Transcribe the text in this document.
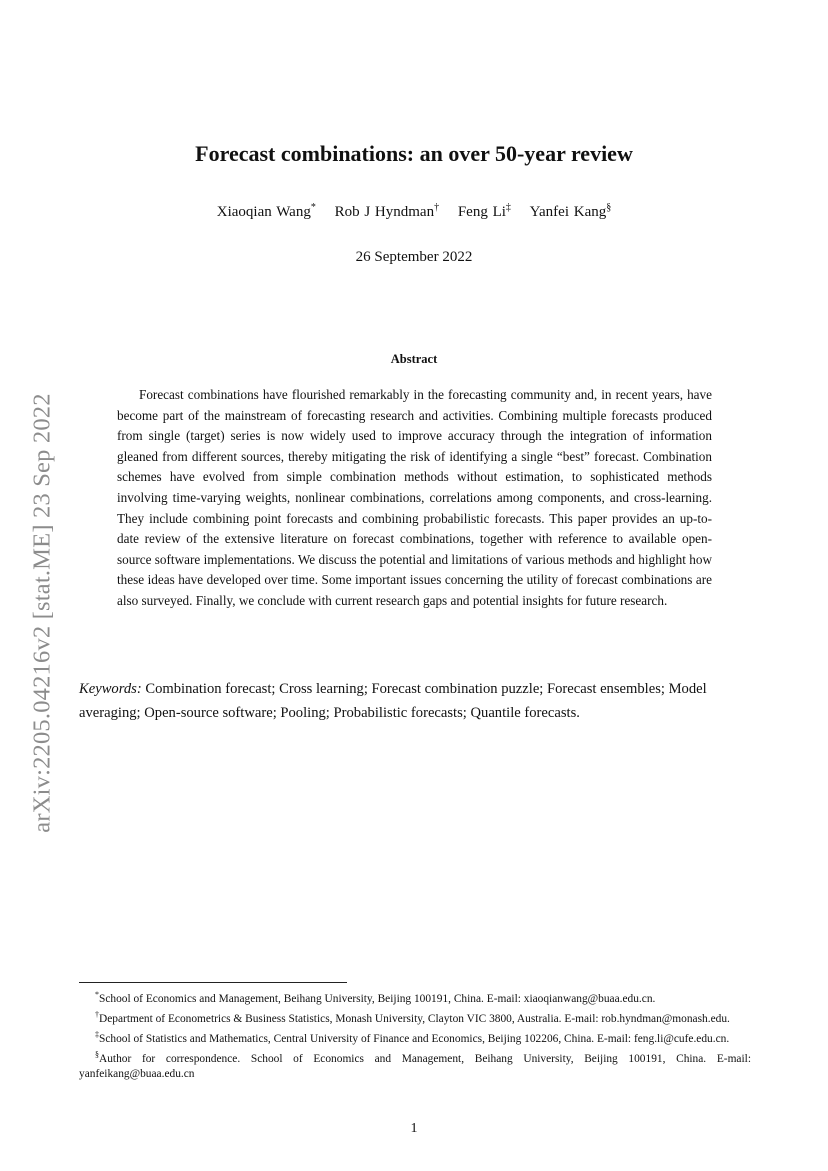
arXiv:2205.04216v2 [stat.ME] 23 Sep 2022
Forecast combinations: an over 50-year review
Xiaoqian Wang* Rob J Hyndman† Feng Li‡ Yanfei Kang§
26 September 2022
Abstract

Forecast combinations have flourished remarkably in the forecasting community and, in recent years, have become part of the mainstream of forecasting research and activities. Combining multiple forecasts produced from single (target) series is now widely used to improve accuracy through the integration of information gleaned from different sources, thereby mitigating the risk of identifying a single “best” forecast. Combination schemes have evolved from simple combination methods without estimation, to sophisticated methods involving time-varying weights, nonlinear combinations, correlations among components, and cross-learning. They include combining point forecasts and combining probabilistic forecasts. This paper provides an up-to-date review of the extensive literature on forecast combinations, together with reference to available open-source software implementations. We discuss the potential and limitations of various methods and highlight how these ideas have developed over time. Some important issues concerning the utility of forecast combinations are also surveyed. Finally, we conclude with current research gaps and potential insights for future research.

Keywords: Combination forecast; Cross learning; Forecast combination puzzle; Forecast ensembles; Model averaging; Open-source software; Pooling; Probabilistic forecasts; Quantile forecasts.

*School of Economics and Management, Beihang University, Beijing 100191, China. E-mail: xiaoqianwang@buaa.edu.cn.

†Department of Econometrics & Business Statistics, Monash University, Clayton VIC 3800, Australia. E-mail: rob.hyndman@monash.edu.

‡School of Statistics and Mathematics, Central University of Finance and Economics, Beijing 102206, China. E-mail: feng.li@cufe.edu.cn.

§Author for correspondence. School of Economics and Management, Beihang University, Beijing 100191, China. E-mail: yanfeikang@buaa.edu.cn

1
